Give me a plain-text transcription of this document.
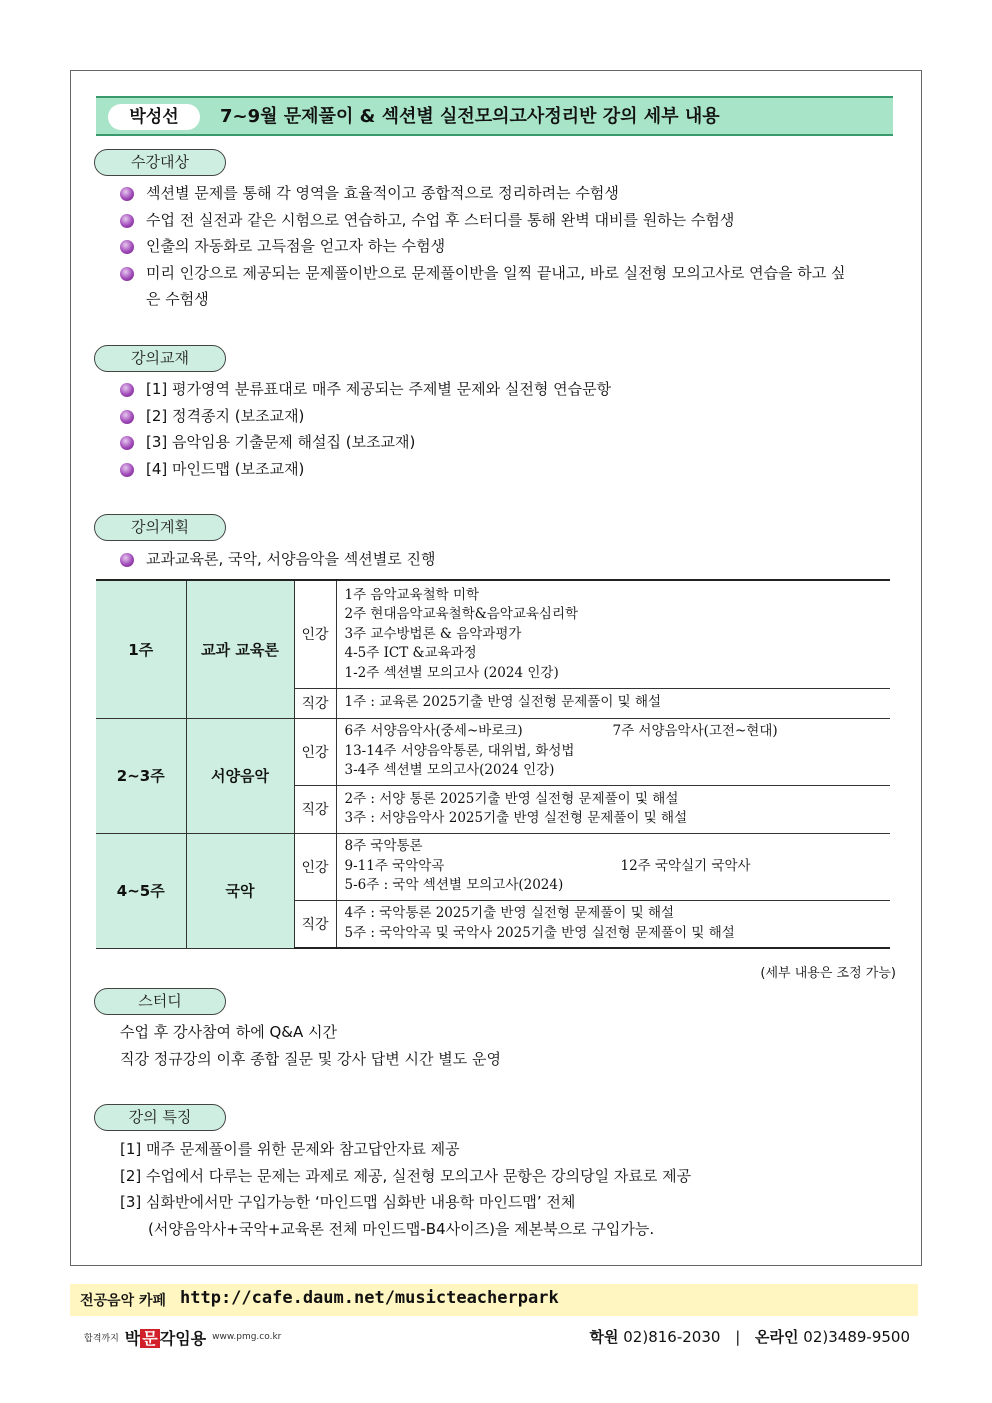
박성선	7~9월 문제풀이 & 섹션별 실전모의고사정리반 강의 세부 내용
수강대상
섹션별 문제를 통해 각 영역을 효율적이고 종합적으로 정리하려는 수험생
수업 전 실전과 같은 시험으로 연습하고, 수업 후 스터디를 통해 완벽 대비를 원하는 수험생
인출의 자동화로 고득점을 얻고자 하는 수험생
미리 인강으로 제공되는 문제풀이반으로 문제풀이반을 일찍 끝내고, 바로 실전형 모의고사로 연습을 하고 싶
은 수험생
강의교재
[1] 평가영역 분류표대로 매주 제공되는 주제별 문제와 실전형 연습문항
[2] 정격종지 (보조교재)
[3] 음악임용 기출문제 해설집 (보조교재)
[4] 마인드맵 (보조교재)
강의계획
교과교육론, 국악, 서양음악을 섹션별로 진행
1주	교과 교육론	인강	1주 음악교육철학 미학
2주 현대음악교육철학&음악교육심리학
3주 교수방법론 & 음악과평가
4-5주 ICT &교육과정
1-2주 섹션별 모의고사 (2024 인강)

		직강	1주 : 교육론 2025기출 반영 실전형 문제풀이 및 해설

2~3주	서양음악	인강	6주 서양음악사(중세~바로크) 7주 서양음악사(고전~현대)
13-14주 서양음악통론, 대위법, 화성법
3-4주 섹션별 모의고사(2024 인강)

		직강	2주 : 서양 통론 2025기출 반영 실전형 문제풀이 및 해설
3주 : 서양음악사 2025기출 반영 실전형 문제풀이 및 해설

4~5주	국악	인강	8주 국악통론
9-11주 국악악곡 12주 국악실기 국악사
5-6주 : 국악 섹션별 모의고사(2024)

		직강	4주 : 국악통론 2025기출 반영 실전형 문제풀이 및 해설
5주 : 국악악곡 및 국악사 2025기출 반영 실전형 문제풀이 및 해설
(세부 내용은 조정 가능)
스터디

수업 후 강사참여 하에 Q&A 시간

직강 정규강의 이후 종합 질문 및 강사 답변 시간 별도 운영

강의 특징

[1] 매주 문제풀이를 위한 문제와 참고답안자료 제공

[2] 수업에서 다루는 문제는 과제로 제공, 실전형 모의고사 문항은 강의당일 자료로 제공

[3] 심화반에서만 구입가능한 ‘마인드맵 심화반 내용학 마인드맵’ 전체

(서양음악사+국악+교육론 전체 마인드맵-B4사이즈)을 제본북으로 구입가능.

전공음악 카페 http://cafe.daum.net/musicteacherpark
합격까지 박 문 각임용 www.pmg.co.kr	학원 02)816-2030 | 온라인 02)3489-9500
